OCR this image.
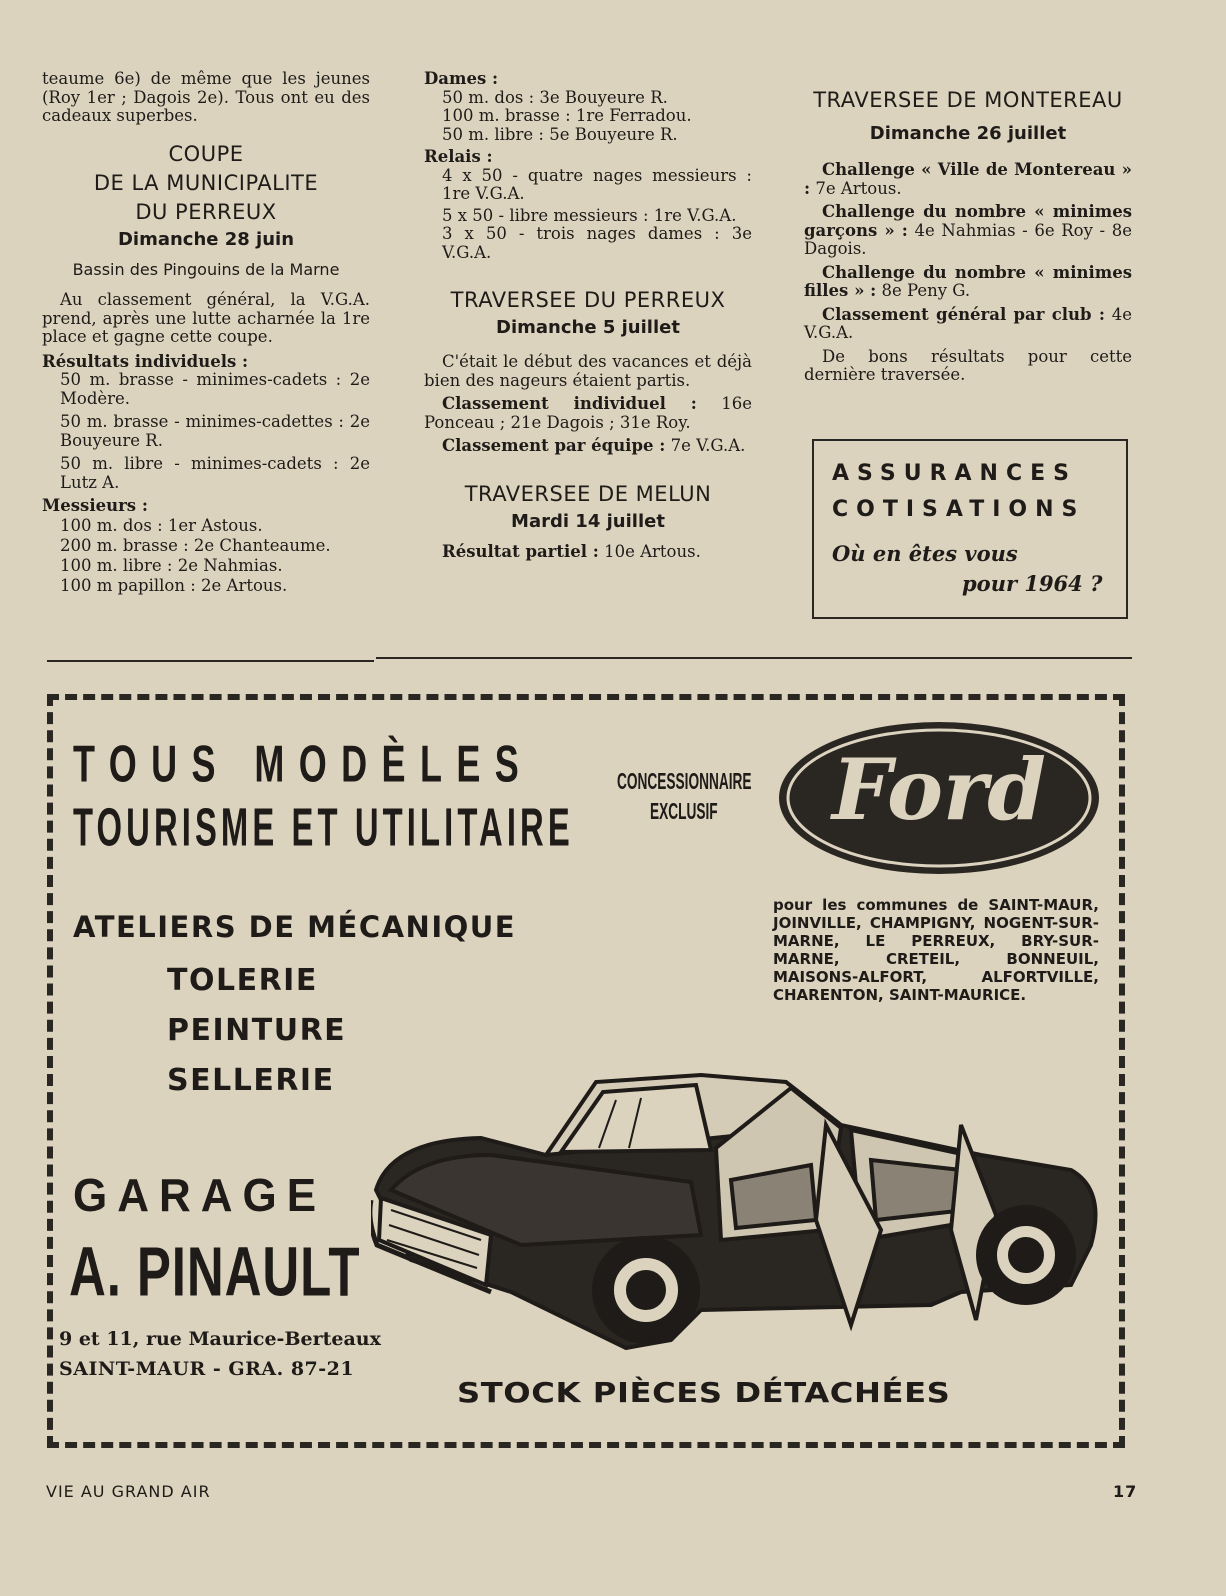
teaume 6e) de même que les jeunes (Roy 1er ; Dagois 2e). Tous ont eu des cadeaux superbes.

COUPE

DE LA MUNICIPALITE

DU PERREUX

Dimanche 28 juin

Bassin des Pingouins de la Marne

Au classement général, la V.G.A. prend, après une lutte acharnée la 1re place et gagne cette coupe.

Résultats individuels :

50 m. brasse - minimes-cadets : 2e Modère.

50 m. brasse - minimes-cadettes : 2e Bouyeure R.

50 m. libre - minimes-cadets : 2e Lutz A.

Messieurs :

100 m. dos : 1er Astous.

200 m. brasse : 2e Chanteaume.

100 m. libre : 2e Nahmias.

100 m papillon : 2e Artous.

Dames :

50 m. dos : 3e Bouyeure R.

100 m. brasse : 1re Ferradou.

50 m. libre : 5e Bouyeure R.

Relais :

4 x 50 - quatre nages messieurs : 1re V.G.A.

5 x 50 - libre messieurs : 1re V.G.A.

3 x 50 - trois nages dames : 3e V.G.A.

TRAVERSEE DU PERREUX

Dimanche 5 juillet

C'était le début des vacances et déjà bien des nageurs étaient partis.

Classement individuel : 16e Ponceau ; 21e Dagois ; 31e Roy.

Classement par équipe : 7e V.G.A.

TRAVERSEE DE MELUN

Mardi 14 juillet

Résultat partiel : 10e Artous.

TRAVERSEE DE MONTEREAU

Dimanche 26 juillet

Challenge « Ville de Montereau » : 7e Artous.

Challenge du nombre « minimes garçons » : 4e Nahmias - 6e Roy - 8e Dagois.

Challenge du nombre « minimes filles » : 8e Peny G.

Classement général par club : 4e V.G.A.

De bons résultats pour cette dernière traversée.

ASSURANCES
COTISATIONS
Où en êtes vous
pour 1964 ?
TOUS MODÈLES
TOURISME ET UTILITAIRE
CONCESSIONNAIRE
EXCLUSIF	Ford
pour les communes de SAINT-MAUR, JOINVILLE, CHAMPIGNY, NOGENT-SUR-MARNE, LE PERREUX, BRY-SUR-MARNE, CRETEIL, BONNEUIL, MAISONS-ALFORT, ALFORTVILLE, CHARENTON, SAINT-MAURICE.
ATELIERS DE MÉCANIQUE
TOLERIE
PEINTURE
SELLERIE
GARAGE
A. PINAULT
9 et 11, rue Maurice-Berteaux
SAINT-MAUR - GRA. 87-21
STOCK PIÈCES DÉTACHÉES
VIE AU GRAND AIR	17
